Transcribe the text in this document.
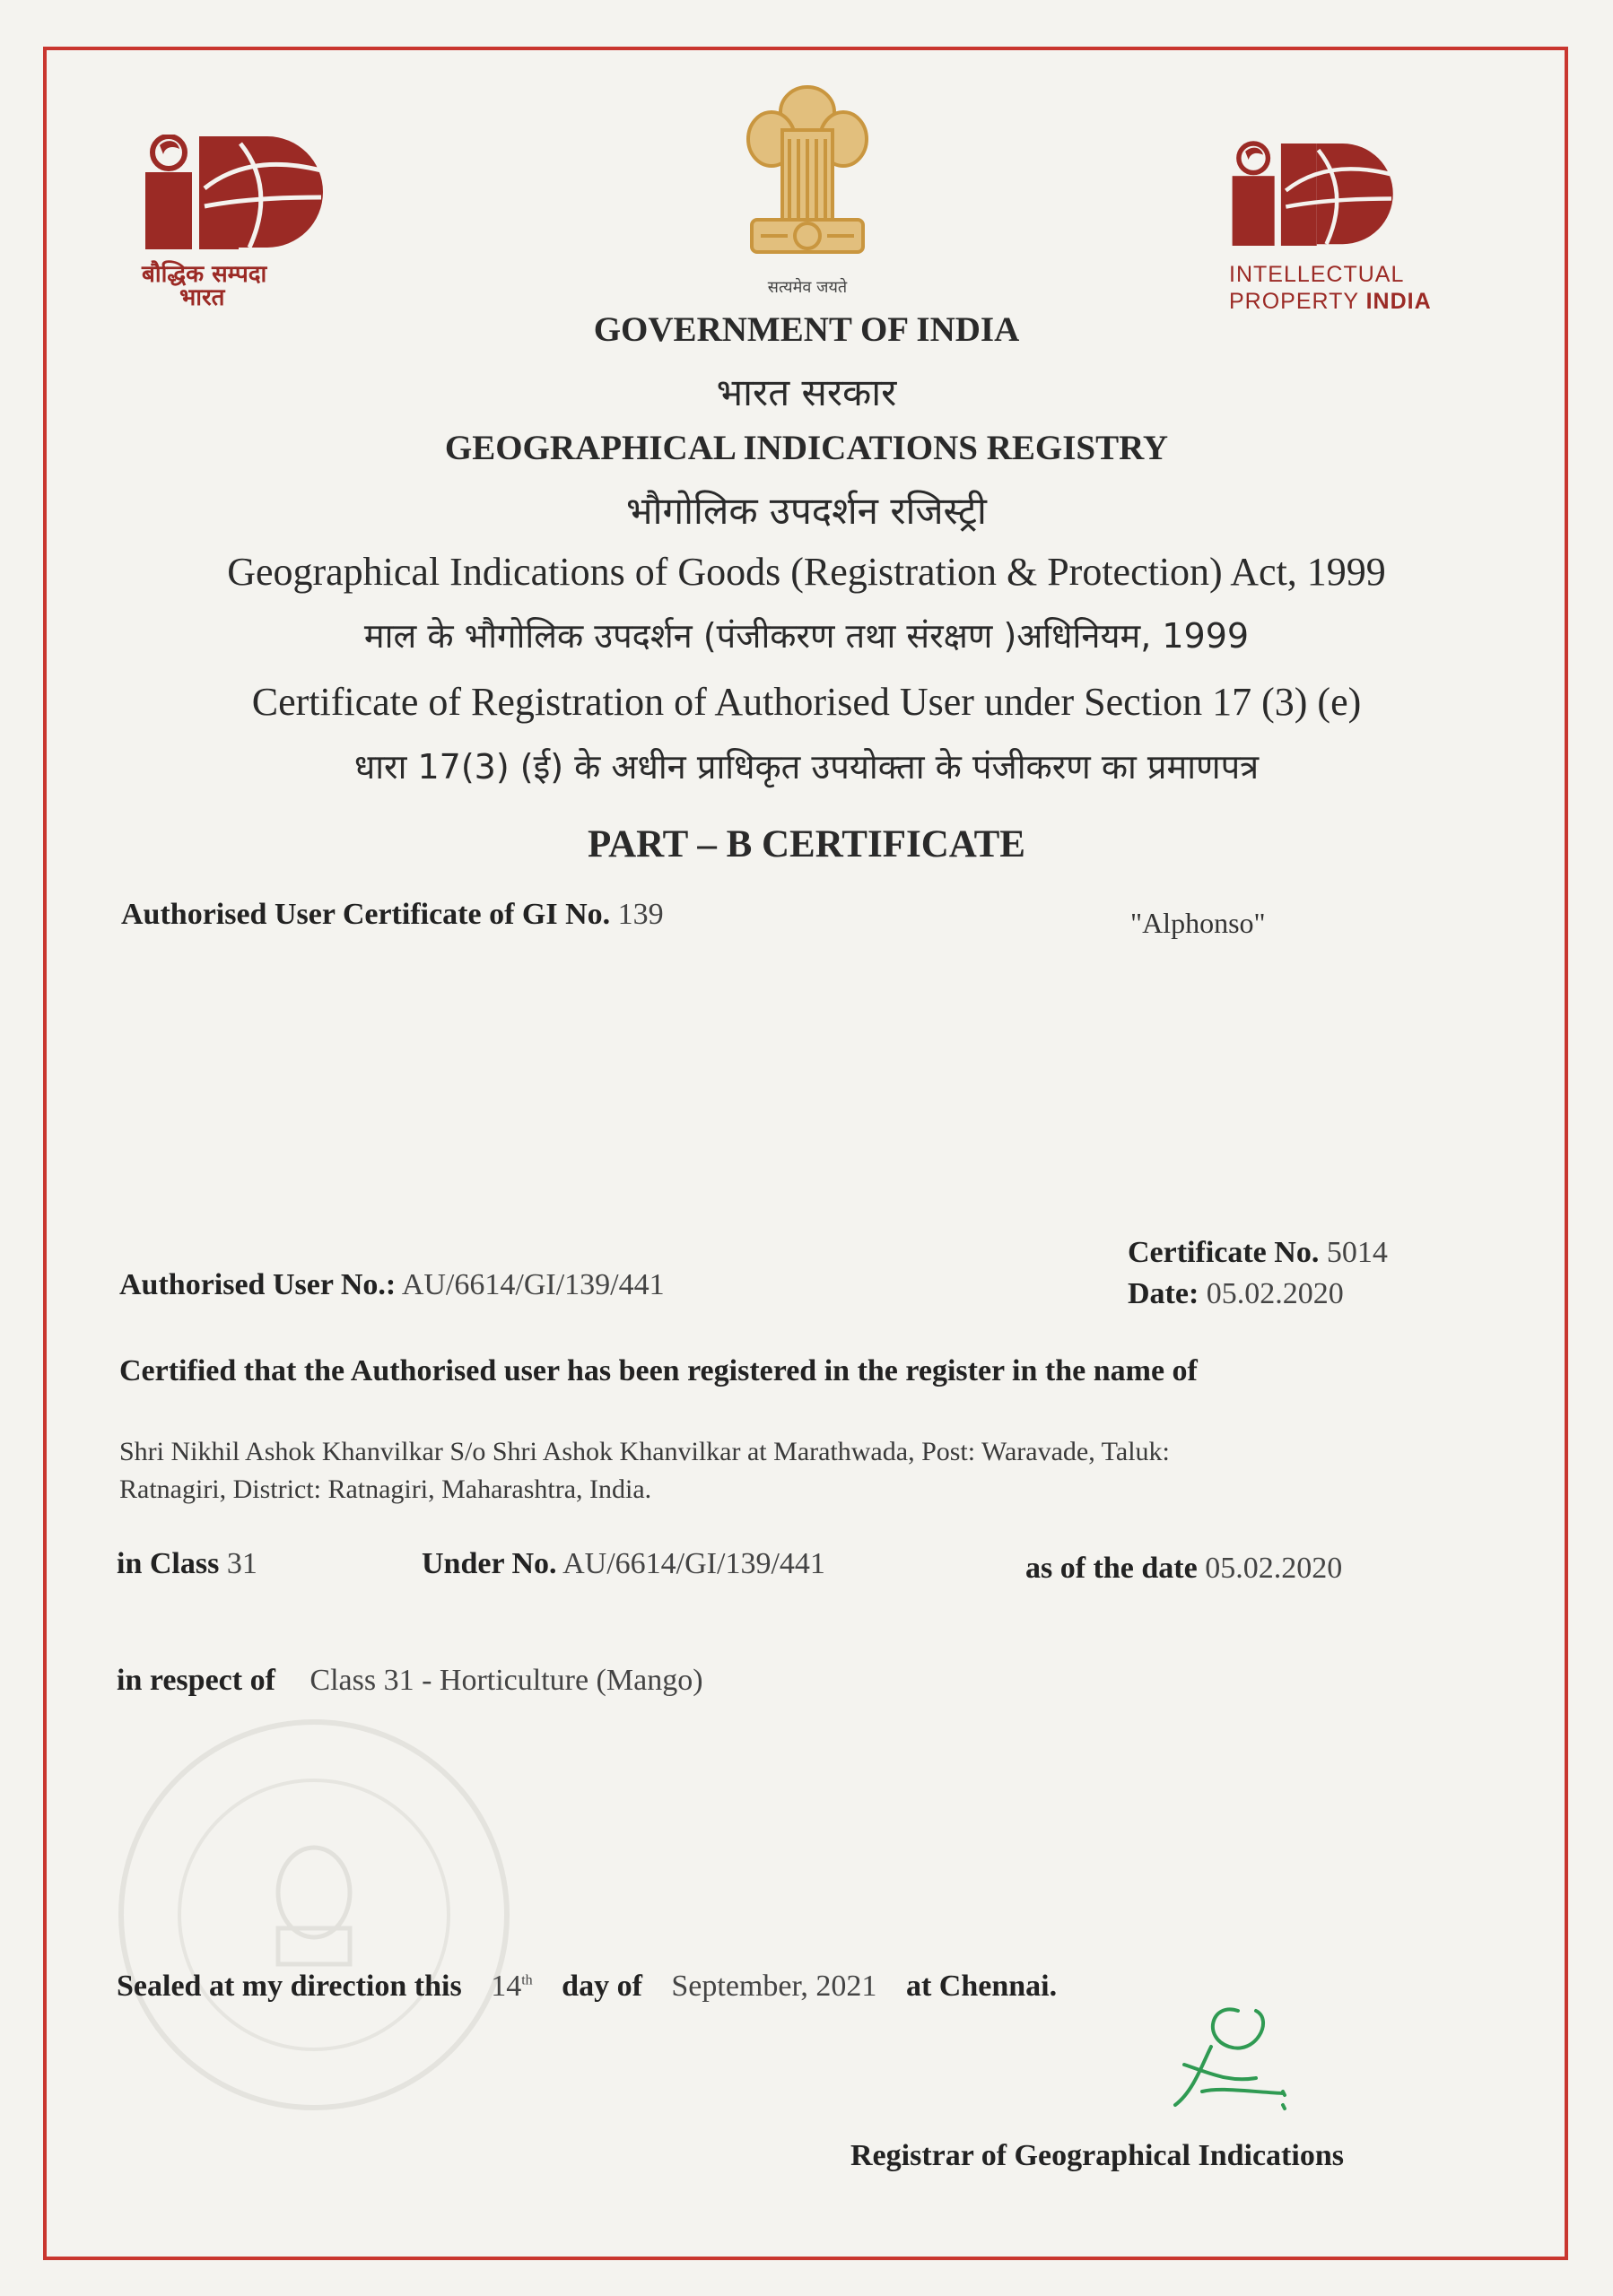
बौद्धिक सम्पदा
भारत	सत्यमेव जयते
INTELLECTUAL
PROPERTY INDIA
GOVERNMENT OF INDIA
भारत सरकार
GEOGRAPHICAL INDICATIONS REGISTRY
भौगोलिक उपदर्शन रजिस्ट्री
Geographical Indications of Goods (Registration & Protection) Act, 1999
माल के भौगोलिक उपदर्शन (पंजीकरण तथा संरक्षण )अधिनियम, 1999
Certificate of Registration of Authorised User under Section 17 (3) (e)
धारा 17(3) (ई) के अधीन प्राधिकृत उपयोक्ता के पंजीकरण का प्रमाणपत्र
PART – B CERTIFICATE
Authorised User Certificate of GI No. 139	"Alphonso"
Certificate No. 5014
Date: 05.02.2020
Authorised User No.: AU/6614/GI/139/441
Certified that the Authorised user has been registered in the register in the name of
Shri Nikhil Ashok Khanvilkar S/o Shri Ashok Khanvilkar at Marathwada, Post: Waravade, Taluk:
Ratnagiri, District: Ratnagiri, Maharashtra, India.
in Class 31	Under No. AU/6614/GI/139/441	as of the date 05.02.2020
in respect of Class 31 - Horticulture (Mango)
Sealed at my direction this 14th day of September, 2021 at Chennai.
Registrar of Geographical Indications
